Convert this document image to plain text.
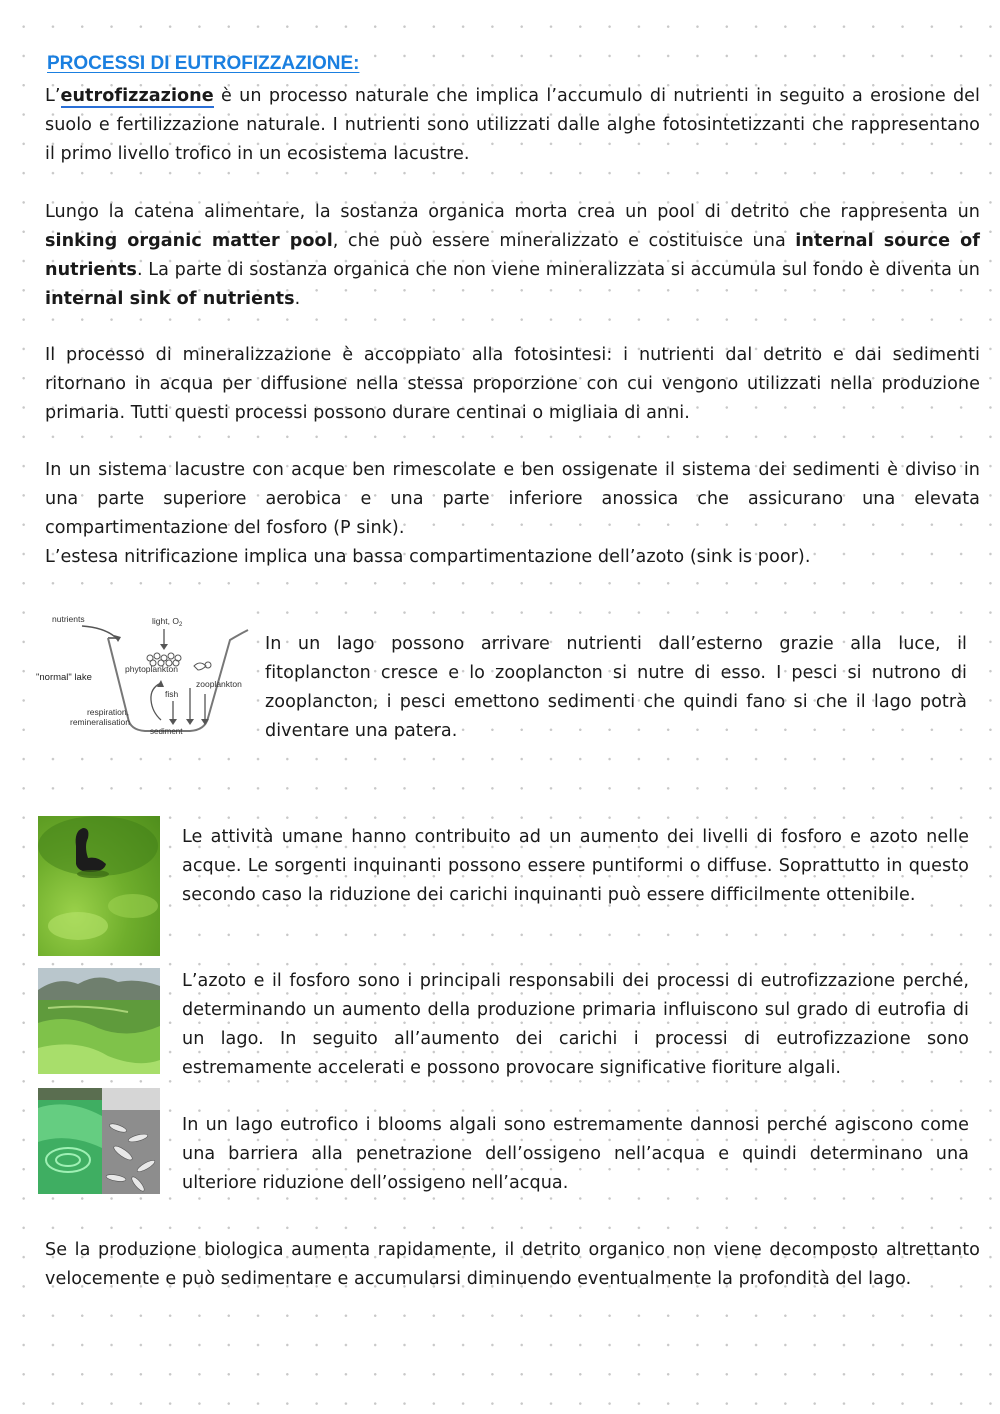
PROCESSI DI EUTROFIZZAZIONE:

L’eutrofizzazione è un processo naturale che implica l’accumulo di nutrienti in seguito a erosione del suolo e fertilizzazione naturale. I nutrienti sono utilizzati dalle alghe fotosintetizzanti che rappresentano il primo livello trofico in un ecosistema lacustre.

Lungo la catena alimentare, la sostanza organica morta crea un pool di detrito che rappresenta un sinking organic matter pool, che può essere mineralizzato e costituisce una internal source of nutrients. La parte di sostanza organica che non viene mineralizzata si accumula sul fondo è diventa un internal sink of nutrients.

Il processo di mineralizzazione è accoppiato alla fotosintesi: i nutrienti dal detrito e dai sedimenti ritornano in acqua per diffusione nella stessa proporzione con cui vengono utilizzati nella produzione primaria. Tutti questi processi possono durare centinai o migliaia di anni.

In un sistema lacustre con acque ben rimescolate e ben ossigenate il sistema dei sedimenti è diviso in una parte superiore aerobica e una parte inferiore anossica che assicurano una elevata compartimentazione del fosforo (P sink).

L’estesa nitrificazione implica una bassa compartimentazione dell’azoto (sink is poor).

nutrients	light, $O_2$
phytoplankton
zooplankton
"normal" lake
fish
respiration,
remineralisation
sediment

In un lago possono arrivare nutrienti dall’esterno grazie alla luce, il fitoplancton cresce e lo zooplancton si nutre di esso. I pesci si nutrono di zooplancton, i pesci emettono sedimenti che quindi fano si che il lago potrà diventare una patera.

Le attività umane hanno contribuito ad un aumento dei livelli di fosforo e azoto nelle acque. Le sorgenti inquinanti possono essere puntiformi o diffuse. Soprattutto in questo secondo caso la riduzione dei carichi inquinanti può essere difficilmente ottenibile.

L’azoto e il fosforo sono i principali responsabili dei processi di eutrofizzazione perché, determinando un aumento della produzione primaria influiscono sul grado di eutrofia di un lago. In seguito all’aumento dei carichi i processi di eutrofizzazione sono estremamente accelerati e possono provocare significative fioriture algali.

In un lago eutrofico i blooms algali sono estremamente dannosi perché agiscono come una barriera alla penetrazione dell’ossigeno nell’acqua e quindi determinano una ulteriore riduzione dell’ossigeno nell’acqua.

Se la produzione biologica aumenta rapidamente, il detrito organico non viene decomposto altrettanto velocemente e può sedimentare e accumularsi diminuendo eventualmente la profondità del lago.
